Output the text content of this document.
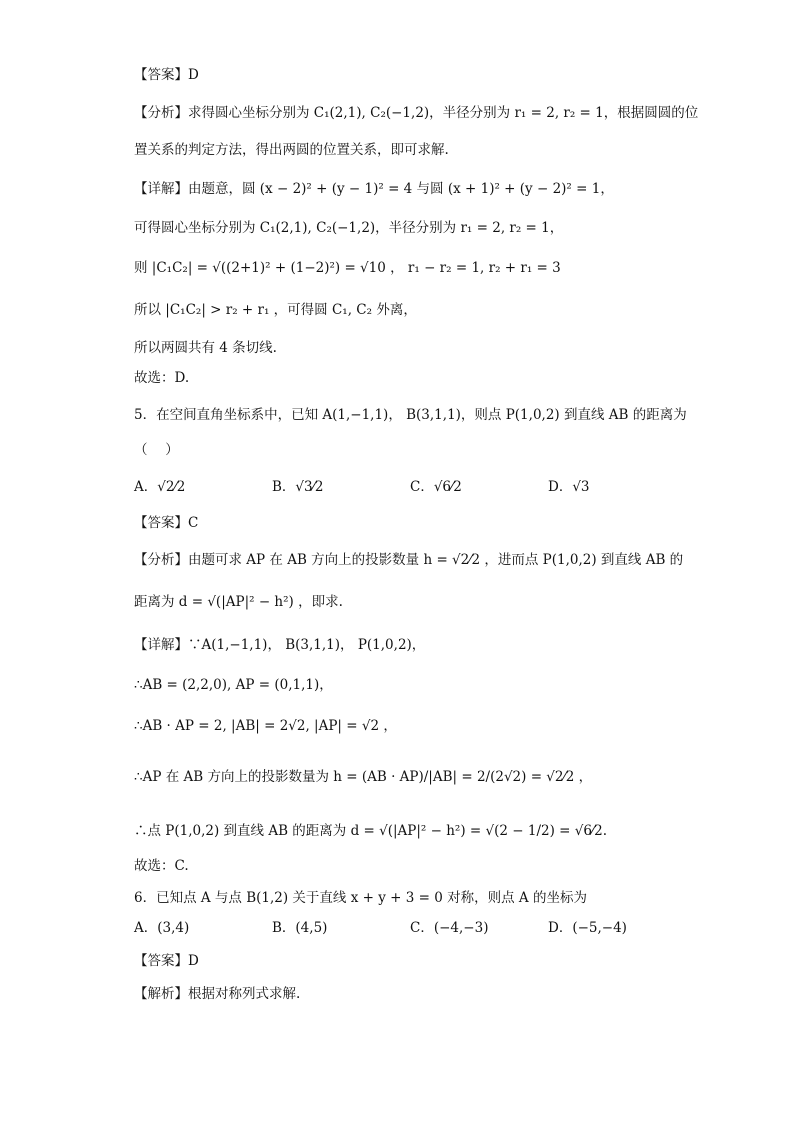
【答案】D
【分析】求得圆心坐标分别为 C₁(2,1), C₂(−1,2)，半径分别为 r₁ = 2, r₂ = 1，根据圆圆的位
置关系的判定方法，得出两圆的位置关系，即可求解.
【详解】由题意，圆 (x − 2)² + (y − 1)² = 4 与圆 (x + 1)² + (y − 2)² = 1，
可得圆心坐标分别为 C₁(2,1), C₂(−1,2)，半径分别为 r₁ = 2, r₂ = 1，
则 |C₁C₂| = √((2+1)² + (1−2)²) = √10 ， r₁ − r₂ = 1, r₂ + r₁ = 3
所以 |C₁C₂| > r₂ + r₁ ，可得圆 C₁, C₂ 外离，
所以两圆共有 4 条切线.
故选：D.
5．在空间直角坐标系中，已知 A(1,−1,1)， B(3,1,1)，则点 P(1,0,2) 到直线 AB 的距离为
（　 ）
A．√2⁄2	B．√3⁄2	C．√6⁄2	D．√3
【答案】C
【分析】由题可求 AP 在 AB 方向上的投影数量 h = √2⁄2 ，进而点 P(1,0,2) 到直线 AB 的
距离为 d = √(|AP|² − h²) ，即求.
【详解】∵A(1,−1,1)， B(3,1,1)， P(1,0,2)，
∴AB = (2,2,0), AP = (0,1,1)，
∴AB · AP = 2, |AB| = 2√2, |AP| = √2 ，
∴AP 在 AB 方向上的投影数量为 h = (AB · AP)/|AB| = 2/(2√2) = √2⁄2 ，
∴点 P(1,0,2) 到直线 AB 的距离为 d = √(|AP|² − h²) = √(2 − 1/2) = √6⁄2.
故选：C.
6．已知点 A 与点 B(1,2) 关于直线 x + y + 3 = 0 对称，则点 A 的坐标为
A．(3,4)	B．(4,5)	C．(−4,−3)	D．(−5,−4)
【答案】D
【解析】根据对称列式求解.
